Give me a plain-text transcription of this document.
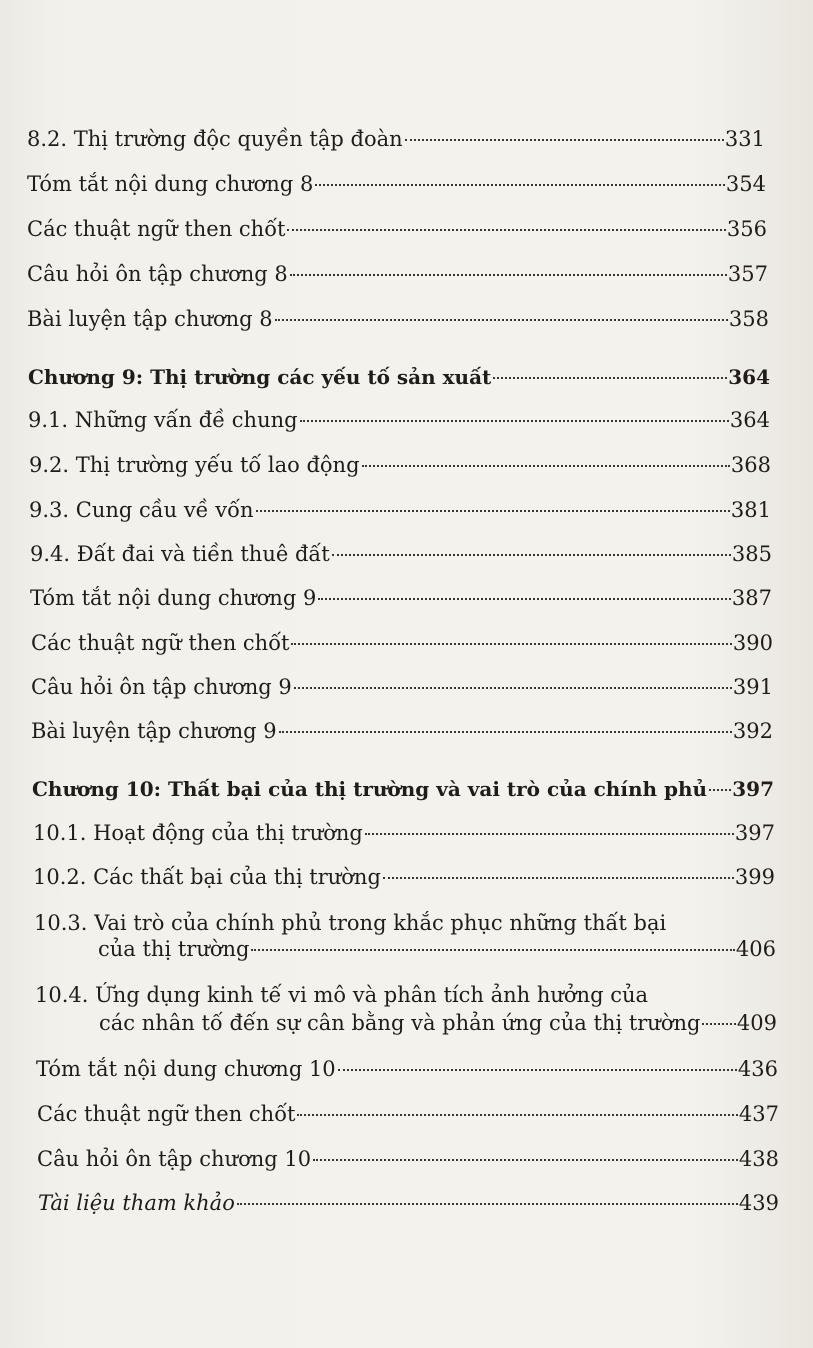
8.2. Thị trường độc quyền tập đoàn	331
Tóm tắt nội dung chương 8	354
Các thuật ngữ then chốt	356
Câu hỏi ôn tập chương 8	357
Bài luyện tập chương 8	358
Chương 9: Thị trường các yếu tố sản xuất	364
9.1. Những vấn đề chung	364
9.2. Thị trường yếu tố lao động	368
9.3. Cung cầu về vốn	381
9.4. Đất đai và tiền thuê đất	385
Tóm tắt nội dung chương 9	387
Các thuật ngữ then chốt	390
Câu hỏi ôn tập chương 9	391
Bài luyện tập chương 9	392
Chương 10: Thất bại của thị trường và vai trò của chính phủ 397
10.1. Hoạt động của thị trường	397
10.2. Các thất bại của thị trường	399
10.3. Vai trò của chính phủ trong khắc phục những thất bại
của thị trường	406
10.4. Ứng dụng kinh tế vi mô và phân tích ảnh hưởng của
các nhân tố đến sự cân bằng và phản ứng của thị trường 409
Tóm tắt nội dung chương 10	436
Các thuật ngữ then chốt	437
Câu hỏi ôn tập chương 10	438
Tài liệu tham khảo	439
